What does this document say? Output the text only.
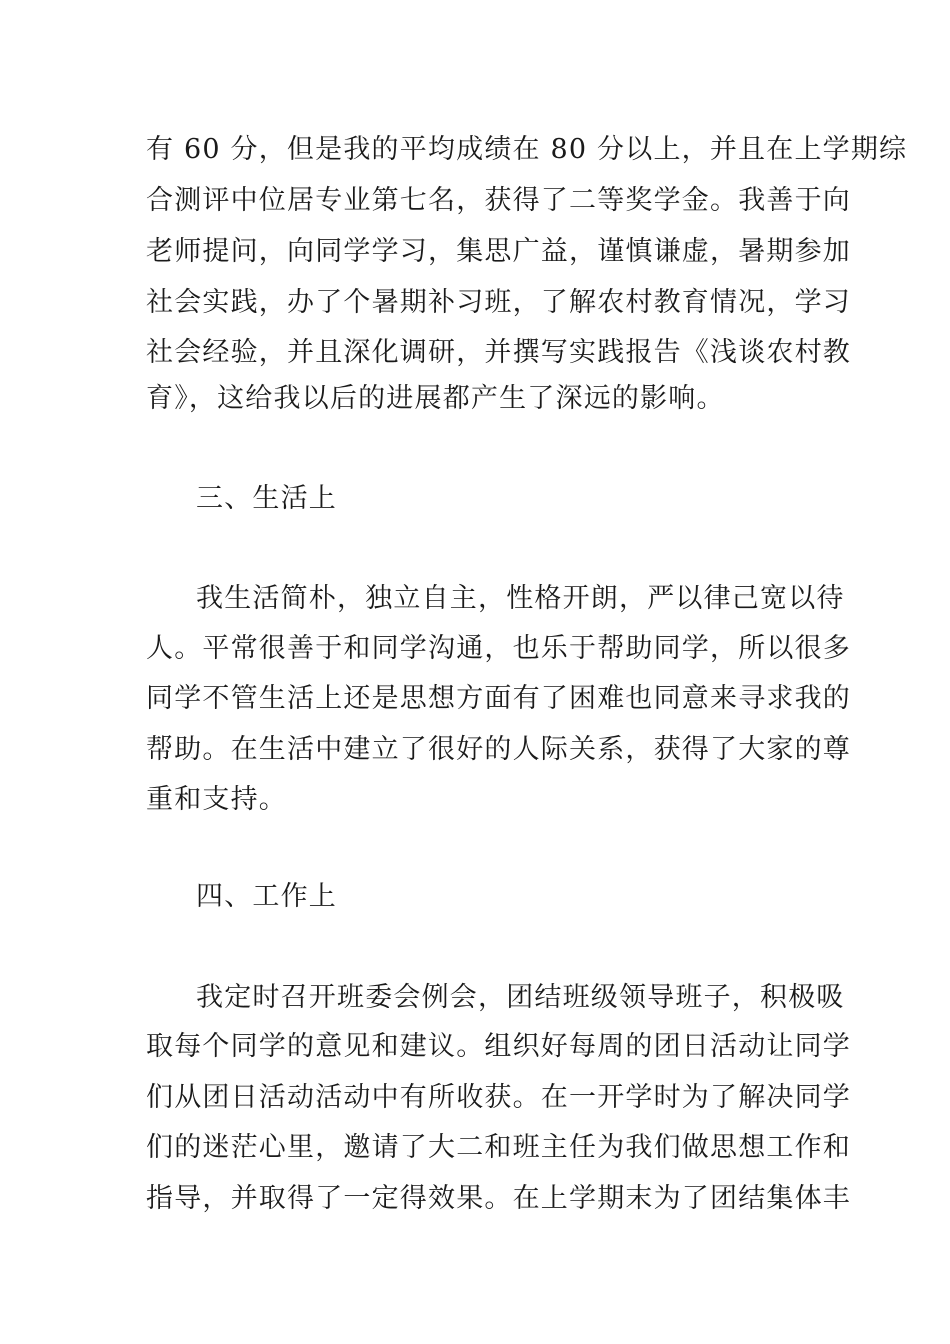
有 60 分，但是我的平均成绩在 80 分以上，并且在上学期综
合测评中位居专业第七名，获得了二等奖学金。我善于向
老师提问，向同学学习，集思广益，谨慎谦虚，暑期参加
社会实践，办了个暑期补习班，了解农村教育情况，学习
社会经验，并且深化调研，并撰写实践报告《浅谈农村教
育》，这给我以后的进展都产生了深远的影响。
三、生活上
我生活简朴，独立自主，性格开朗，严以律己宽以待
人。平常很善于和同学沟通，也乐于帮助同学，所以很多
同学不管生活上还是思想方面有了困难也同意来寻求我的
帮助。在生活中建立了很好的人际关系，获得了大家的尊
重和支持。
四、工作上
我定时召开班委会例会，团结班级领导班子，积极吸
取每个同学的意见和建议。组织好每周的团日活动让同学
们从团日活动活动中有所收获。在一开学时为了解决同学
们的迷茫心里，邀请了大二和班主任为我们做思想工作和
指导，并取得了一定得效果。在上学期末为了团结集体丰
